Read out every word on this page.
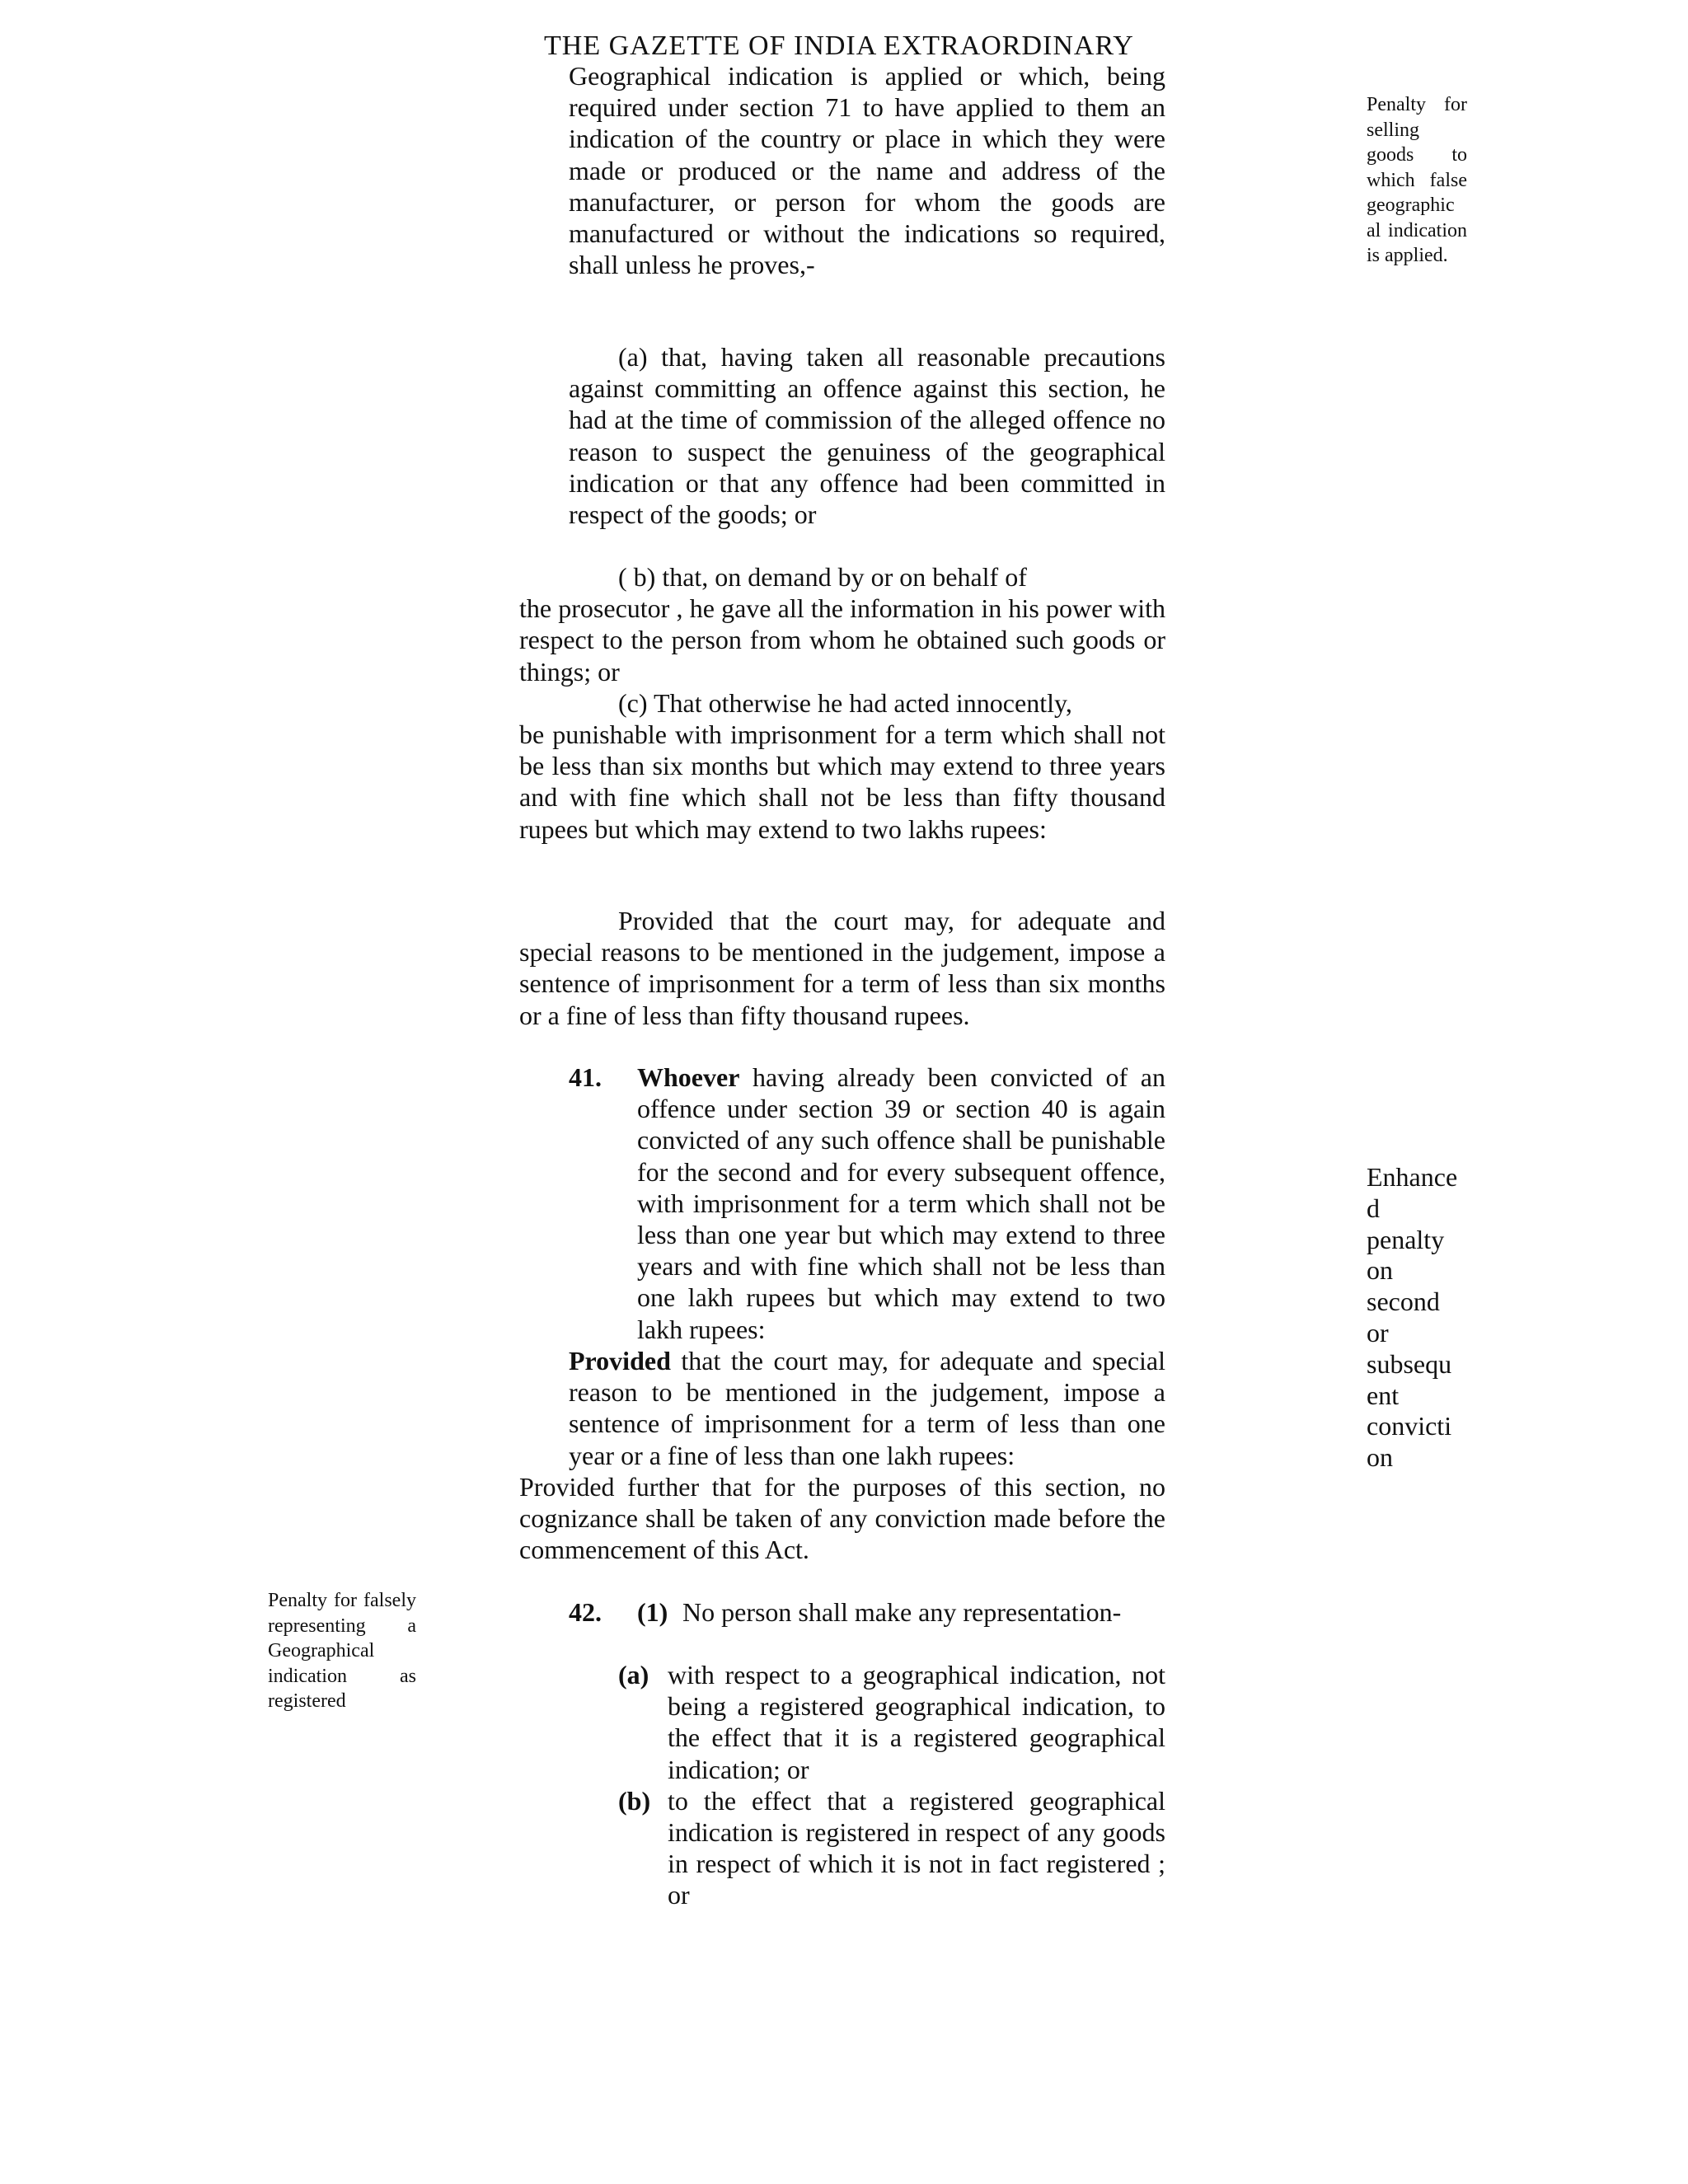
THE GAZETTE OF INDIA EXTRAORDINARY

Geographical indication is applied or which, being required under section 71 to have applied to them an indication of the country or place in which they were made or produced or the name and address of the manufacturer, or person for whom the goods are manufactured or without the indications so required, shall unless he proves,-

(a) that, having taken all reasonable precautions against committing an offence against this section, he had at the time of commission of the alleged offence no reason to suspect the genuiness of the geographical indication or that any offence had been committed in respect of the goods; or

( b) that, on demand by or on behalf of

the prosecutor , he gave all the information in his power with respect to the person from whom he obtained such goods or things; or

(c) That otherwise he had acted innocently,

be punishable with imprisonment for a term which shall not be less than six months but which may extend to three years and with fine which shall not be less than fifty thousand rupees but which may extend to two lakhs rupees:

Provided that the court may, for adequate and special reasons to be mentioned in the judgement, impose a sentence of imprisonment for a term of less than six months or a fine of less than fifty thousand rupees.

41.	Whoever having already been convicted of an offence under section 39 or section 40 is again convicted of any such offence shall be punishable for the second and for every subsequent offence, with imprisonment for a term which shall not be less than one year but which may extend to three years and with fine which shall not be less than one lakh rupees but which may extend to two lakh rupees:

Provided that the court may, for adequate and special reason to be mentioned in the judgement, impose a sentence of imprisonment for a term of less than one year or a fine of less than one lakh rupees:

Provided further that for the purposes of this section, no cognizance shall be taken of any conviction made before the commencement of this Act.

42.	(1) No person shall make any representation-
(a) with respect to a geographical indication, not being a registered geographical indication, to the effect that it is a registered geographical indication; or
(b) to the effect that a registered geographical indication is registered in respect of any goods in respect of which it is not in fact registered ; or
Penalty for selling goods to which false geographic al indication is applied.
Enhance d penalty on second or subsequ ent convicti on
Penalty for falsely representing a Geographical indication as registered
